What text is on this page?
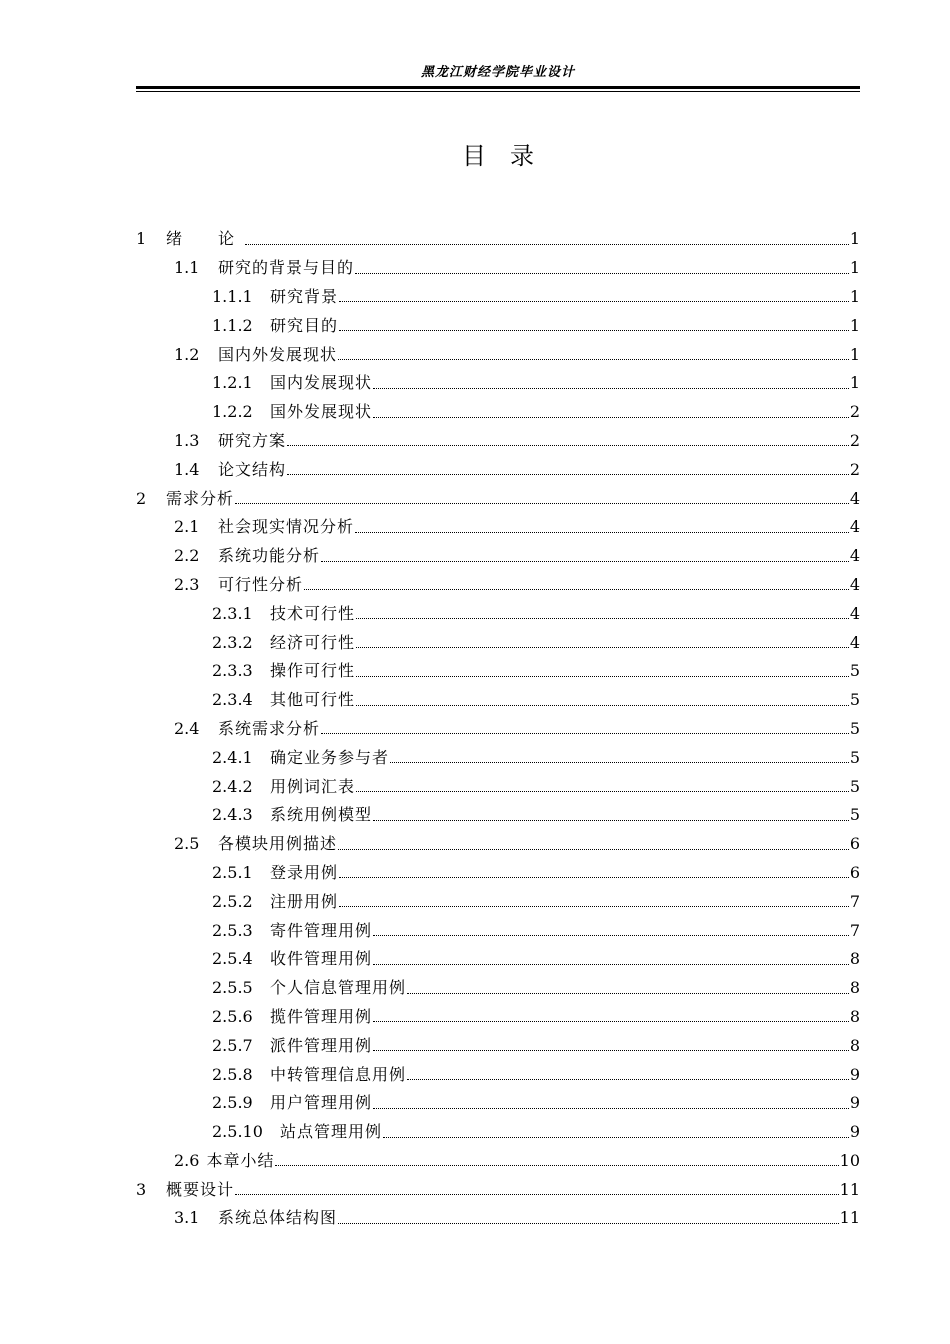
黑龙江财经学院毕业设计
目　录
1	绪　论	1
1.1	研究的背景与目的	1
1.1.1	研究背景	1
1.1.2	研究目的	1
1.2	国内外发展现状	1
1.2.1	国内发展现状	1
1.2.2	国外发展现状	2
1.3	研究方案	2
1.4	论文结构	2
2	需求分析	4
2.1	社会现实情况分析	4
2.2	系统功能分析	4
2.3	可行性分析	4
2.3.1	技术可行性	4
2.3.2	经济可行性	4
2.3.3	操作可行性	5
2.3.4	其他可行性	5
2.4	系统需求分析	5
2.4.1	确定业务参与者	5
2.4.2	用例词汇表	5
2.4.3	系统用例模型	5
2.5	各模块用例描述	6
2.5.1	登录用例	6
2.5.2	注册用例	7
2.5.3	寄件管理用例	7
2.5.4	收件管理用例	8
2.5.5	个人信息管理用例	8
2.5.6	揽件管理用例	8
2.5.7	派件管理用例	8
2.5.8	中转管理信息用例	9
2.5.9	用户管理用例	9
2.5.10	站点管理用例	9
2.6 本章小结	10
3	概要设计	11
3.1	系统总体结构图	11
